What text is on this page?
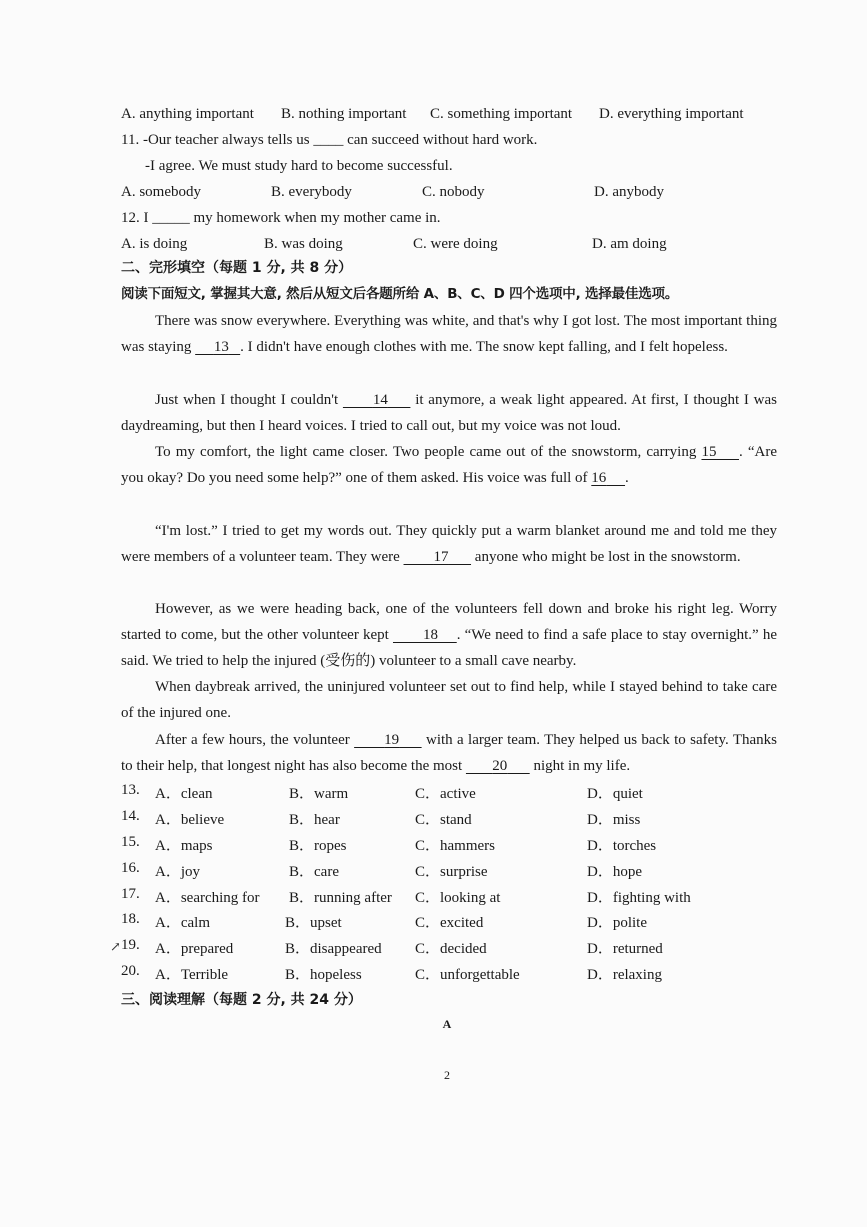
A. anything important B. nothing important C. something important D. everything important
11. -Our teacher always tells us ____ can succeed without hard work.
-I agree. We must study hard to become successful.
A. somebody	B. everybody	C. nobody	D. anybody
12. I _____ my homework when my mother came in.
A. is doing	B. was doing	C. were doing	D. am doing
二、完形填空（每题 1 分, 共 8 分）
阅读下面短文, 掌握其大意, 然后从短文后各题所给 A、B、C、D 四个选项中, 选择最佳选项。
There was snow everywhere. Everything was white, and that's why I got lost. The most important thing was staying 13 . I didn't have enough clothes with me. The snow kept falling, and I felt hopeless.
Just when I thought I couldn't 14 it anymore, a weak light appeared. At first, I thought I was daydreaming, but then I heard voices. I tried to call out, but my voice was not loud.
To my comfort, the light came closer. Two people came out of the snowstorm, carrying 15 . “Are you okay? Do you need some help?” one of them asked. His voice was full of 16 .
“I'm lost.” I tried to get my words out. They quickly put a warm blanket around me and told me they were members of a volunteer team. They were 17 anyone who might be lost in the snowstorm.
However, as we were heading back, one of the volunteers fell down and broke his right leg. Worry started to come, but the other volunteer kept 18 . “We need to find a safe place to stay overnight.” he said. We tried to help the injured (受伤的) volunteer to a small cave nearby.
When daybreak arrived, the uninjured volunteer set out to find help, while I stayed behind to take care of the injured one.
After a few hours, the volunteer 19 with a larger team. They helped us back to safety. Thanks to their help, that longest night has also become the most 20 night in my life.
↗
13. A．clean	B．warm	C．active	D．quiet
14. A．believe	B．hear	C．stand	D．miss
15. A．maps	B．ropes	C．hammers	D．torches
16. A．joy	B．care	C．surprise	D．hope
17. A．searching for B．running after C．looking at	D．fighting with
18. A．calm	B．upset	C．excited	D．polite
19. A．prepared	B．disappeared C．decided	D．returned
20. A．Terrible	B．hopeless	C．unforgettable	D．relaxing
三、阅读理解（每题 2 分, 共 24 分）
A
2
